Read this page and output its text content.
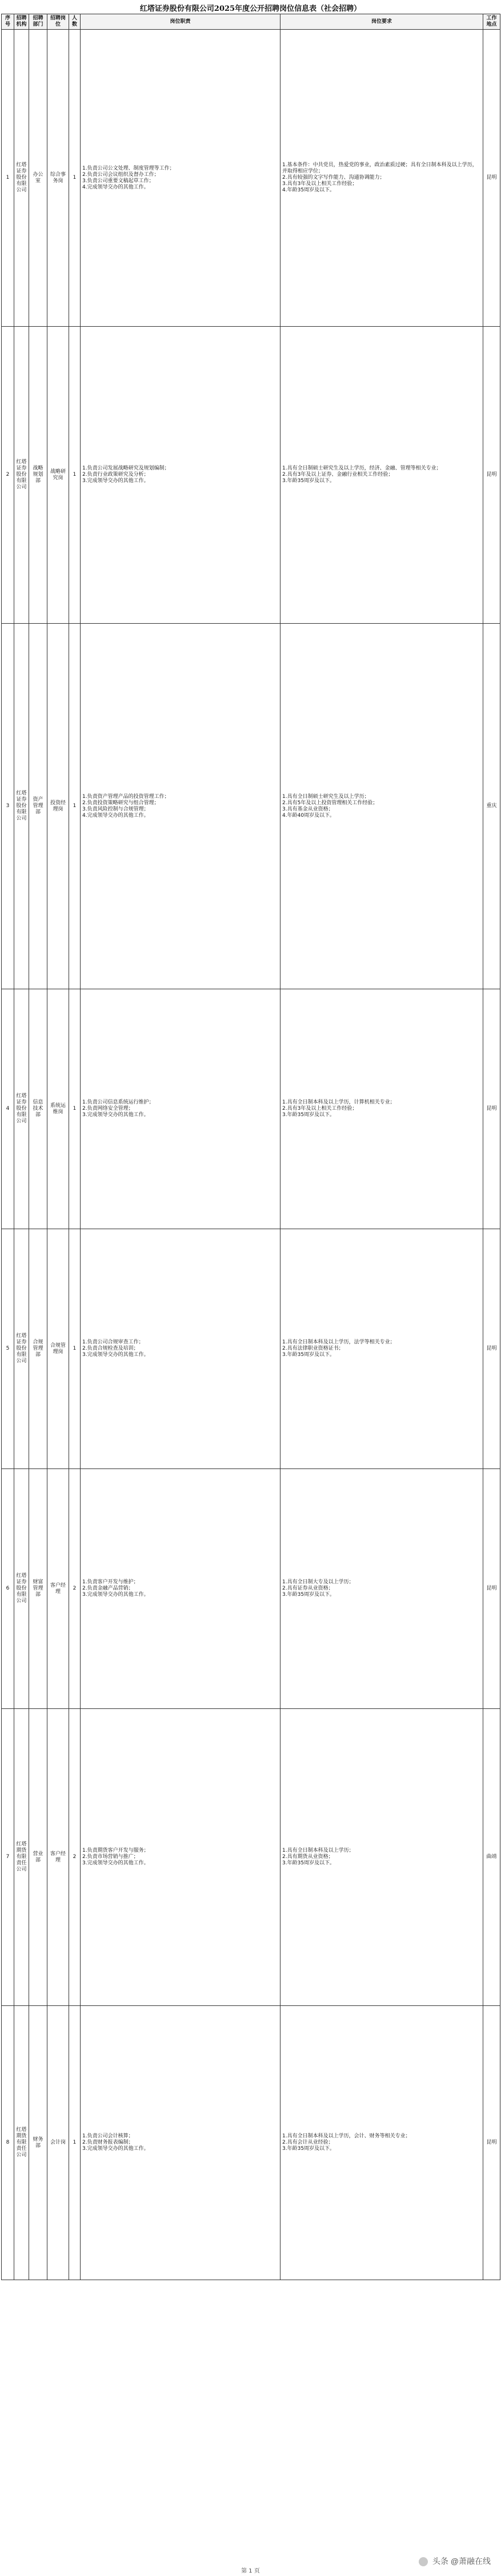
红塔证券股份有限公司2025年度公开招聘岗位信息表（社会招聘）
序号	招聘机构	招聘部门	招聘岗位	人数	岗位职责	岗位要求	工作地点
1	红塔证券股份有限公司	办公室	综合事务岗	1	1.负责公司公文处理、制度管理等工作；
2.负责公司会议组织及督办工作；
3.负责公司重要文稿起草工作；
4.完成领导交办的其他工作。	1.基本条件：中共党员，热爱党的事业，政治素质过硬；具有全日制本科及以上学历，并取得相应学位；
2.具有较强的文字写作能力、沟通协调能力；
3.具有3年及以上相关工作经验；
4.年龄35周岁及以下。	昆明
2	红塔证券股份有限公司	战略规划部	战略研究岗	1	1.负责公司发展战略研究及规划编制；
2.负责行业政策研究及分析；
3.完成领导交办的其他工作。	1.具有全日制硕士研究生及以上学历，经济、金融、管理等相关专业；
2.具有3年及以上证券、金融行业相关工作经验；
3.年龄35周岁及以下。	昆明
3	红塔证券股份有限公司	资产管理部	投资经理岗	1	1.负责资产管理产品的投资管理工作；
2.负责投资策略研究与组合管理；
3.负责风险控制与合规管理；
4.完成领导交办的其他工作。	1.具有全日制硕士研究生及以上学历；
2.具有5年及以上投资管理相关工作经验；
3.具有基金从业资格；
4.年龄40周岁及以下。	重庆
4	红塔证券股份有限公司	信息技术部	系统运维岗	1	1.负责公司信息系统运行维护；
2.负责网络安全管理；
3.完成领导交办的其他工作。	1.具有全日制本科及以上学历，计算机相关专业；
2.具有3年及以上相关工作经验；
3.年龄35周岁及以下。	昆明
5	红塔证券股份有限公司	合规管理部	合规管理岗	1	1.负责公司合规审查工作；
2.负责合规检查及培训；
3.完成领导交办的其他工作。	1.具有全日制本科及以上学历，法学等相关专业；
2.具有法律职业资格证书；
3.年龄35周岁及以下。	昆明
6	红塔证券股份有限公司	财富管理部	客户经理	2	1.负责客户开发与维护；
2.负责金融产品营销；
3.完成领导交办的其他工作。	1.具有全日制大专及以上学历；
2.具有证券从业资格；
3.年龄35周岁及以下。	昆明
7	红塔期货有限责任公司	营业部	客户经理	2	1.负责期货客户开发与服务；
2.负责市场营销与推广；
3.完成领导交办的其他工作。	1.具有全日制本科及以上学历；
2.具有期货从业资格；
3.年龄35周岁及以下。	曲靖
8	红塔期货有限责任公司	财务部	会计岗	1	1.负责公司会计核算；
2.负责财务报表编制；
3.完成领导交办的其他工作。	1.具有全日制本科及以上学历，会计、财务等相关专业；
2.具有会计从业经验；
3.年龄35周岁及以下。	昆明
头条 @萧融在线
第 1 页
